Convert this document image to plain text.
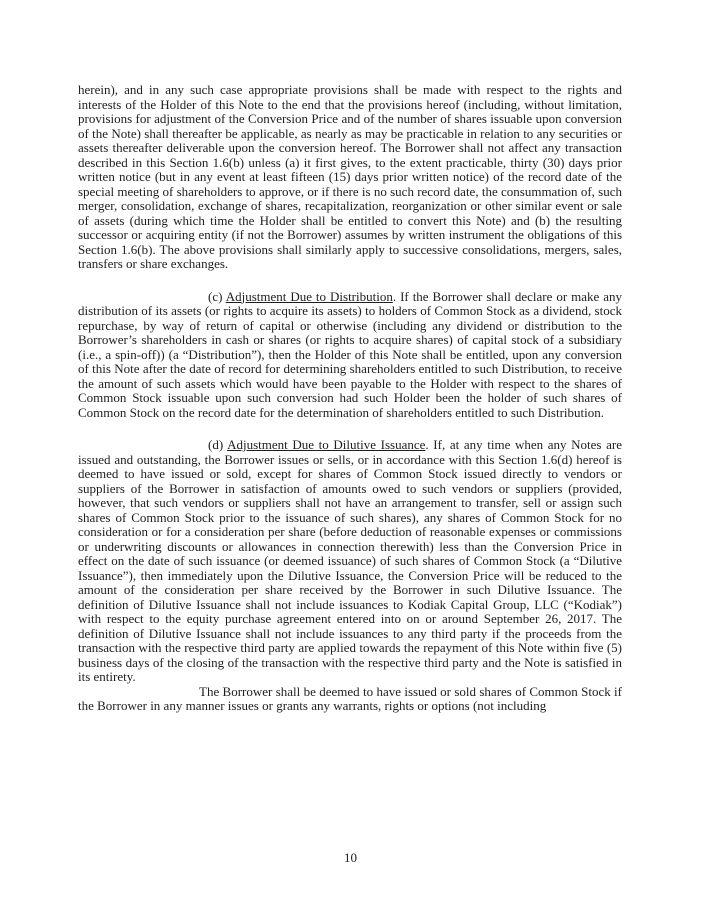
herein), and in any such case appropriate provisions shall be made with respect to the rights and interests of the Holder of this Note to the end that the provisions hereof (including, without limitation, provisions for adjustment of the Conversion Price and of the number of shares issuable upon conversion of the Note) shall thereafter be applicable, as nearly as may be practicable in relation to any securities or assets thereafter deliverable upon the conversion hereof. The Borrower shall not affect any transaction described in this Section 1.6(b) unless (a) it first gives, to the extent practicable, thirty (30) days prior written notice (but in any event at least fifteen (15) days prior written notice) of the record date of the special meeting of shareholders to approve, or if there is no such record date, the consummation of, such merger, consolidation, exchange of shares, recapitalization, reorganization or other similar event or sale of assets (during which time the Holder shall be entitled to convert this Note) and (b) the resulting successor or acquiring entity (if not the Borrower) assumes by written instrument the obligations of this Section 1.6(b). The above provisions shall similarly apply to successive consolidations, mergers, sales, transfers or share exchanges.

(c) Adjustment Due to Distribution. If the Borrower shall declare or make any distribution of its assets (or rights to acquire its assets) to holders of Common Stock as a dividend, stock repurchase, by way of return of capital or otherwise (including any dividend or distribution to the Borrower’s shareholders in cash or shares (or rights to acquire shares) of capital stock of a subsidiary (i.e., a spin-off)) (a “Distribution”), then the Holder of this Note shall be entitled, upon any conversion of this Note after the date of record for determining shareholders entitled to such Distribution, to receive the amount of such assets which would have been payable to the Holder with respect to the shares of Common Stock issuable upon such conversion had such Holder been the holder of such shares of Common Stock on the record date for the determination of shareholders entitled to such Distribution.

(d) Adjustment Due to Dilutive Issuance. If, at any time when any Notes are issued and outstanding, the Borrower issues or sells, or in accordance with this Section 1.6(d) hereof is deemed to have issued or sold, except for shares of Common Stock issued directly to vendors or suppliers of the Borrower in satisfaction of amounts owed to such vendors or suppliers (provided, however, that such vendors or suppliers shall not have an arrangement to transfer, sell or assign such shares of Common Stock prior to the issuance of such shares), any shares of Common Stock for no consideration or for a consideration per share (before deduction of reasonable expenses or commissions or underwriting discounts or allowances in connection therewith) less than the Conversion Price in effect on the date of such issuance (or deemed issuance) of such shares of Common Stock (a “Dilutive Issuance”), then immediately upon the Dilutive Issuance, the Conversion Price will be reduced to the amount of the consideration per share received by the Borrower in such Dilutive Issuance. The definition of Dilutive Issuance shall not include issuances to Kodiak Capital Group, LLC (“Kodiak”) with respect to the equity purchase agreement entered into on or around September 26, 2017. The definition of Dilutive Issuance shall not include issuances to any third party if the proceeds from the transaction with the respective third party are applied towards the repayment of this Note within five (5) business days of the closing of the transaction with the respective third party and the Note is satisfied in its entirety.

The Borrower shall be deemed to have issued or sold shares of Common Stock if the Borrower in any manner issues or grants any warrants, rights or options (not including

10
